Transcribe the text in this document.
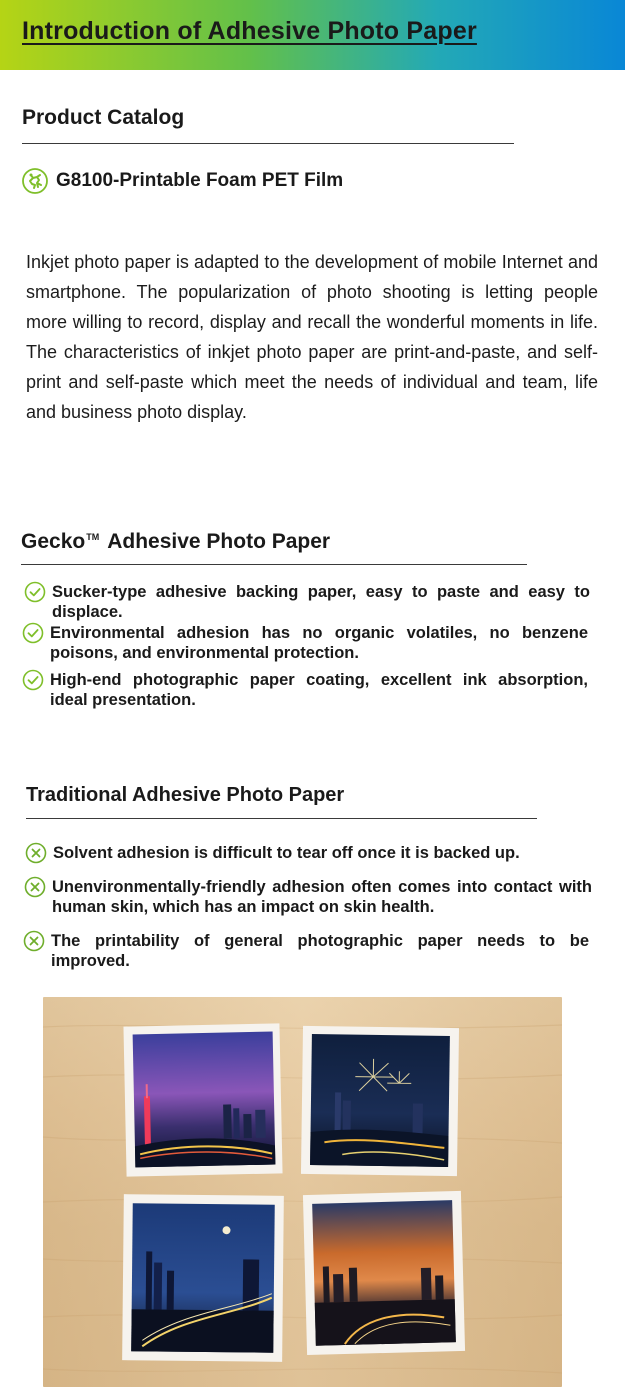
Introduction of Adhesive Photo Paper
Product Catalog
G8100-Printable Foam PET Film

Inkjet photo paper is adapted to the development of mobile Internet and smartphone. The popularization of photo shooting is letting people more willing to record, display and recall the wonderful moments in life. The characteristics of inkjet photo paper are print-and-paste, and self-print and self-paste which meet the needs of individual and team, life and business photo display.

Gecko™ Adhesive Photo Paper
Sucker-type adhesive backing paper, easy to paste and easy to displace.
Environmental adhesion has no organic volatiles, no benzene poisons, and environmental protection.
High-end photographic paper coating, excellent ink absorption, ideal presentation.
Traditional Adhesive Photo Paper
Solvent adhesion is difficult to tear off once it is backed up.
Unenvironmentally-friendly adhesion often comes into contact with human skin, which has an impact on skin health.
The printability of general photographic paper needs to be improved.
